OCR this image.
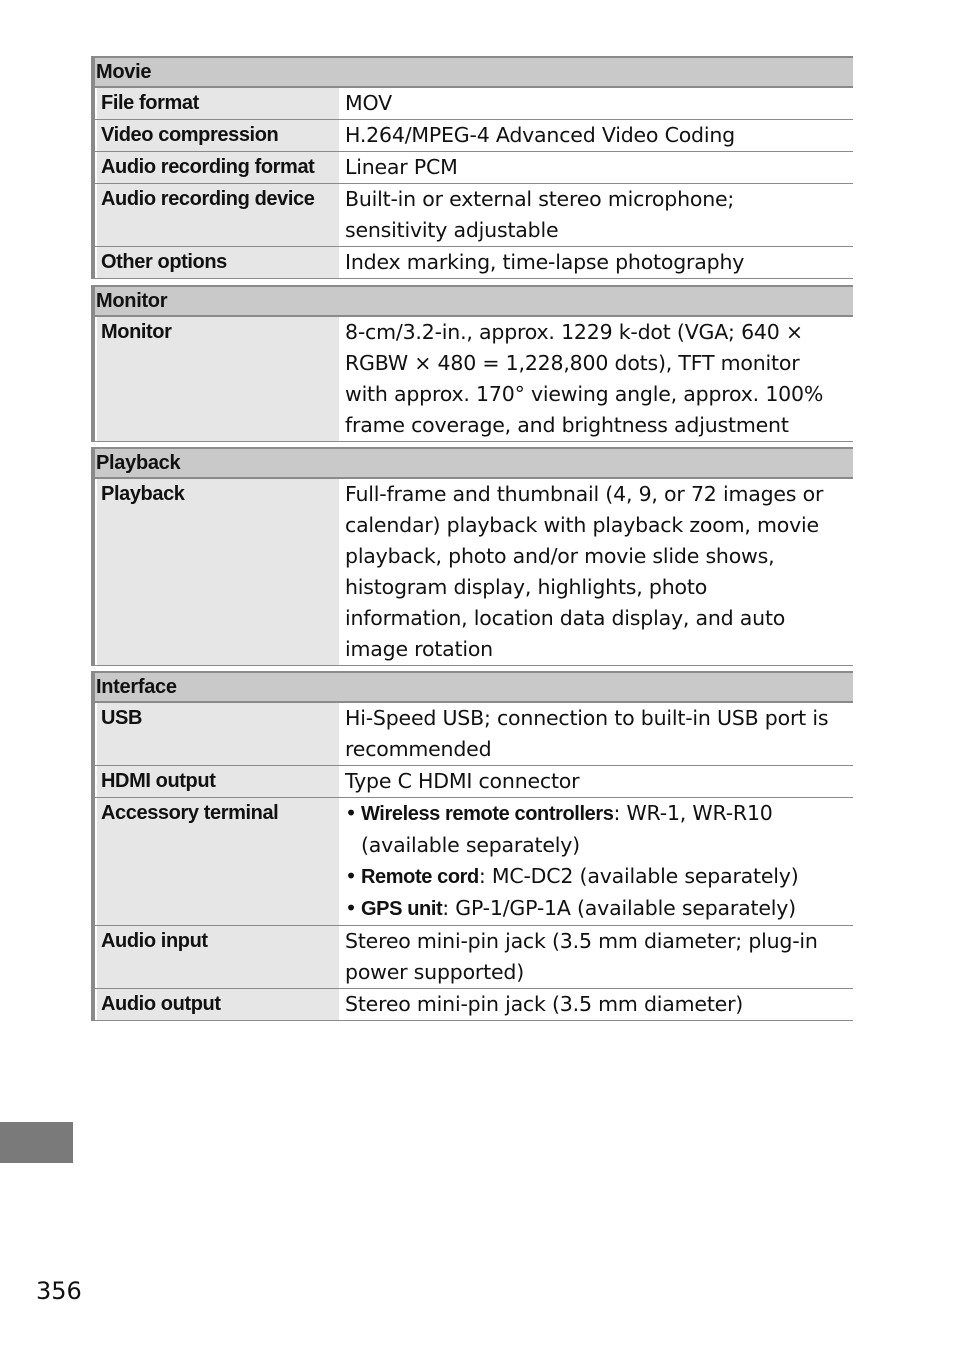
Movie
File format	MOV
Video compression	H.264/MPEG-4 Advanced Video Coding
Audio recording format	Linear PCM
Audio recording device	Built-in or external stereo microphone;
sensitivity adjustable
Other options	Index marking, time-lapse photography
Monitor
Monitor	8-cm/3.2-in., approx. 1229 k-dot (VGA; 640 ×
RGBW × 480 = 1,228,800 dots), TFT monitor
with approx. 170° viewing angle, approx. 100%
frame coverage, and brightness adjustment
Playback
Playback	Full-frame and thumbnail (4, 9, or 72 images or
calendar) playback with playback zoom, movie
playback, photo and/or movie slide shows,
histogram display, highlights, photo
information, location data display, and auto
image rotation
Interface
USB	Hi-Speed USB; connection to built-in USB port is
recommended
HDMI output	Type C HDMI connector
Accessory terminal	• Wireless remote controllers: WR-1, WR-R10
(available separately)
• Remote cord: MC-DC2 (available separately)
• GPS unit: GP-1/GP-1A (available separately)
Audio input	Stereo mini-pin jack (3.5 mm diameter; plug-in
power supported)
Audio output	Stereo mini-pin jack (3.5 mm diameter)
356
